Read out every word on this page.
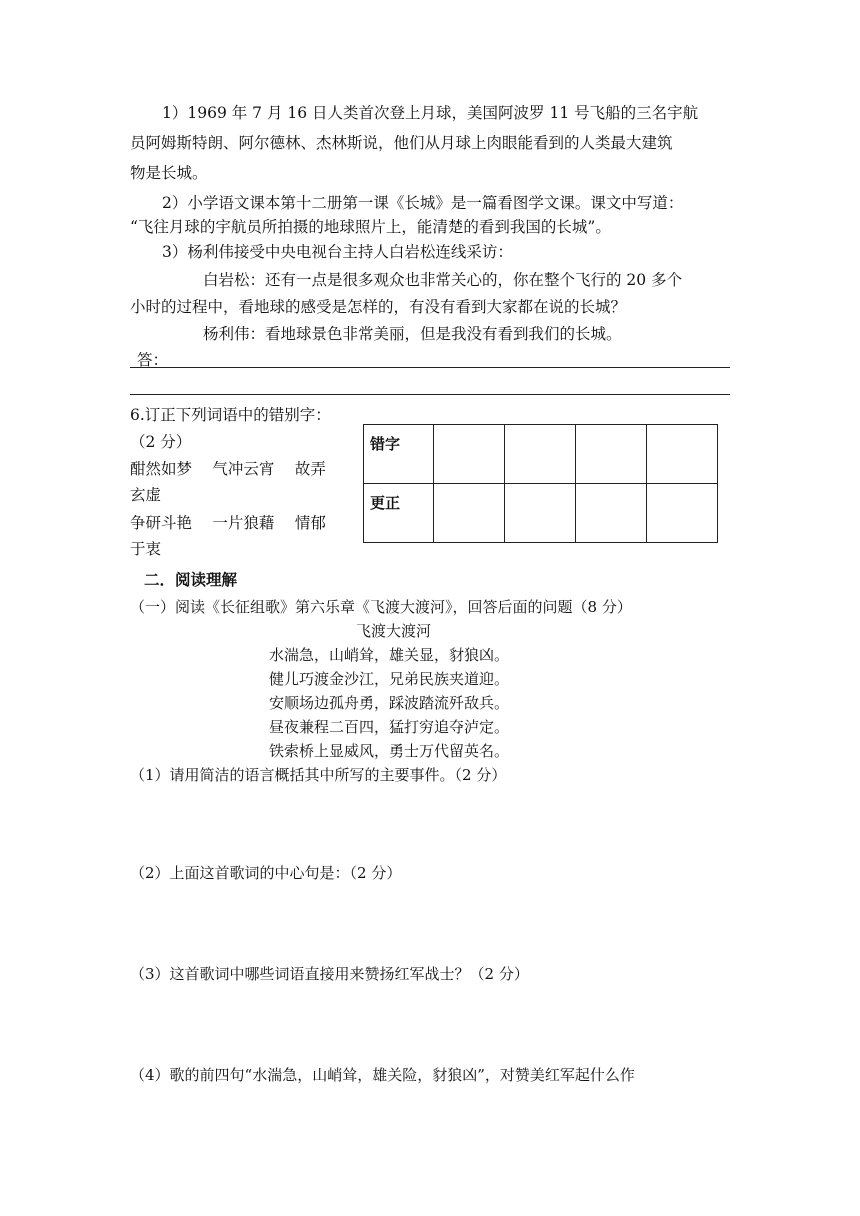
1）1969 年 7 月 16 日人类首次登上月球，美国阿波罗 11 号飞船的三名宇航
员阿姆斯特朗、阿尔德林、杰林斯说，他们从月球上肉眼能看到的人类最大建筑
物是长城。
2）小学语文课本第十二册第一课《长城》是一篇看图学文课。课文中写道：
“飞往月球的宇航员所拍摄的地球照片上，能清楚的看到我国的长城”。
3）杨利伟接受中央电视台主持人白岩松连线采访：
白岩松：还有一点是很多观众也非常关心的，你在整个飞行的 20 多个
小时的过程中，看地球的感受是怎样的，有没有看到大家都在说的长城？
杨利伟：看地球景色非常美丽，但是我没有看到我们的长城。
答：
6.订正下列词语中的错别字：
（2 分）
酣然如梦　 气冲云宵　 故弄
玄虚
争研斗艳　 一片狼藉　 情郁
于衷
错字				
更正				
二．阅读理解
（一）阅读《长征组歌》第六乐章《飞渡大渡河》，回答后面的问题（8 分）
飞渡大渡河
水湍急，山峭耸，雄关显，豺狼凶。
健儿巧渡金沙江，兄弟民族夹道迎。
安顺场边孤舟勇，踩波踏流歼敌兵。
昼夜兼程二百四，猛打穷追夺泸定。
铁索桥上显威风，勇士万代留英名。
（1）请用简洁的语言概括其中所写的主要事件。（2 分）
（2）上面这首歌词的中心句是：（2 分）
（3）这首歌词中哪些词语直接用来赞扬红军战士？（2 分）
（4）歌的前四句“水湍急，山峭耸，雄关险，豺狼凶”，对赞美红军起什么作
